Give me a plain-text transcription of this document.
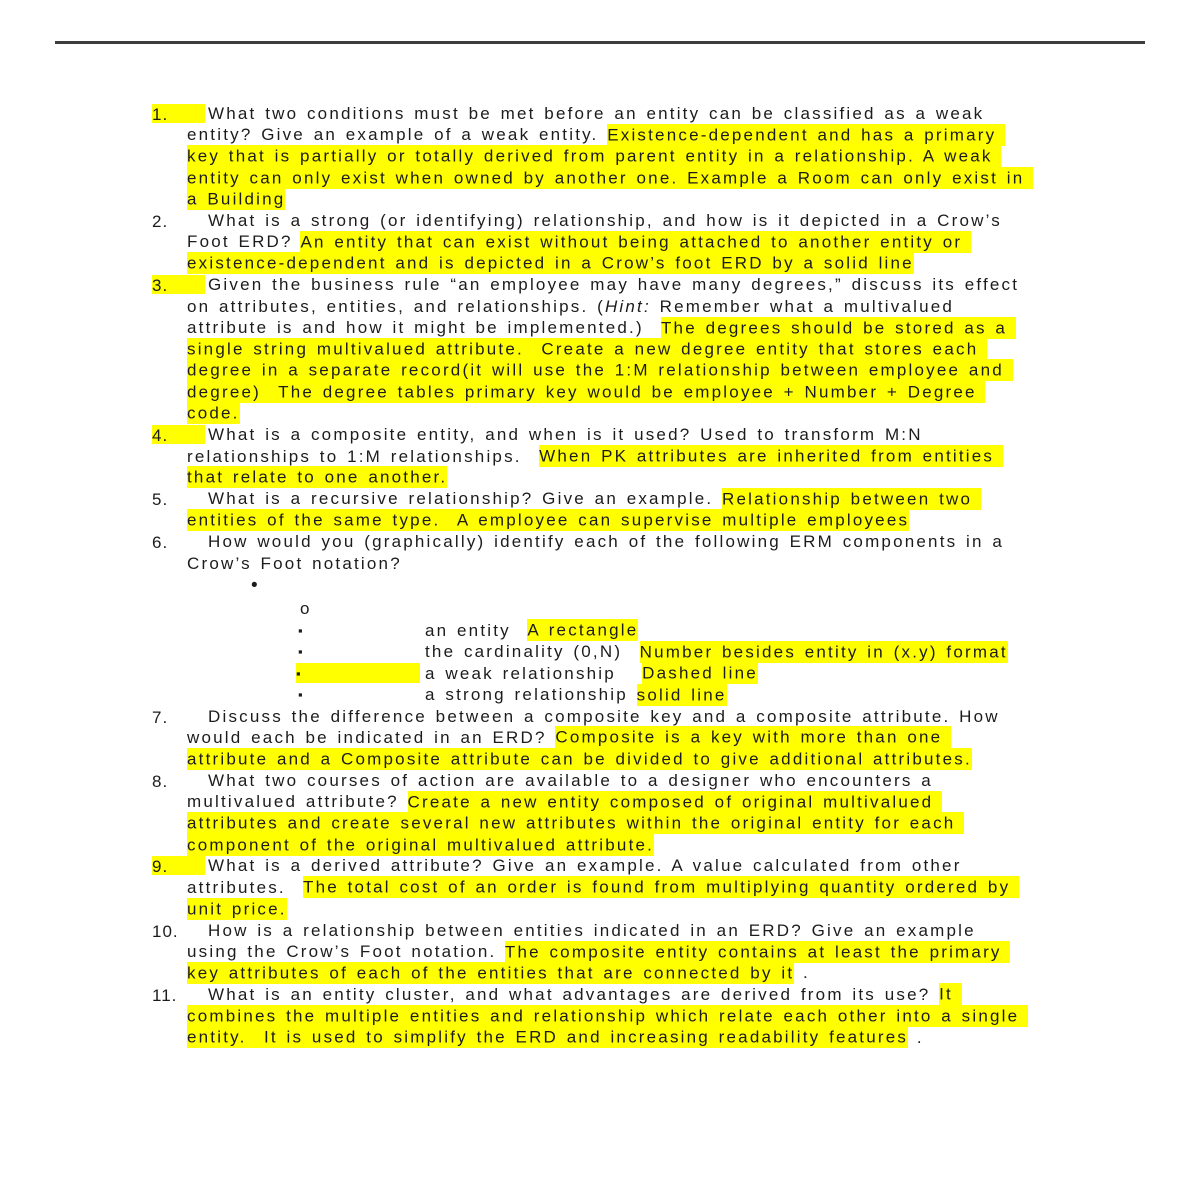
1.	What two conditions must be met before an entity can be classified as a weak entity? Give an example of a weak entity. Existence-dependent and has a primary key that is partially or totally derived from parent entity in a relationship. A weak entity can only exist when owned by another one. Example a Room can only exist in a Building
2.	What is a strong (or identifying) relationship, and how is it depicted in a Crow’s Foot ERD? An entity that can exist without being attached to another entity or existence-dependent and is depicted in a Crow’s foot ERD by a solid line
3.	Given the business rule “an employee may have many degrees,” discuss its effect on attributes, entities, and relationships. (Hint: Remember what a multivalued attribute is and how it might be implemented.)  The degrees should be stored as a single string multivalued attribute.  Create a new degree entity that stores each degree in a separate record(it will use the 1:M relationship between employee and degree)  The degree tables primary key would be employee + Number + Degree code.
4.	What is a composite entity, and when is it used? Used to transform M:N relationships to 1:M relationships.  When PK attributes are inherited from entities that relate to one another.
5.	What is a recursive relationship? Give an example. Relationship between two entities of the same type.  A employee can supervise multiple employees
6.	How would you (graphically) identify each of the following ERM components in a Crow’s Foot notation?
•
o
▪	an entity  A rectangle
▪	the cardinality (0,N)  Number besides entity in (x.y) format
▪	a weak relationship   Dashed line
▪	a strong relationship solid line
7.	Discuss the difference between a composite key and a composite attribute. How would each be indicated in an ERD? Composite is a key with more than one attribute and a Composite attribute can be divided to give additional attributes.
8.	What two courses of action are available to a designer who encounters a multivalued attribute? Create a new entity composed of original multivalued attributes and create several new attributes within the original entity for each component of the original multivalued attribute.
9.	What is a derived attribute? Give an example. A value calculated from other attributes.  The total cost of an order is found from multiplying quantity ordered by unit price.
10.	How is a relationship between entities indicated in an ERD? Give an example using the Crow’s Foot notation. The composite entity contains at least the primary key attributes of each of the entities that are connected by it .
11.	What is an entity cluster, and what advantages are derived from its use? It combines the multiple entities and relationship which relate each other into a single entity.  It is used to simplify the ERD and increasing readability features .
